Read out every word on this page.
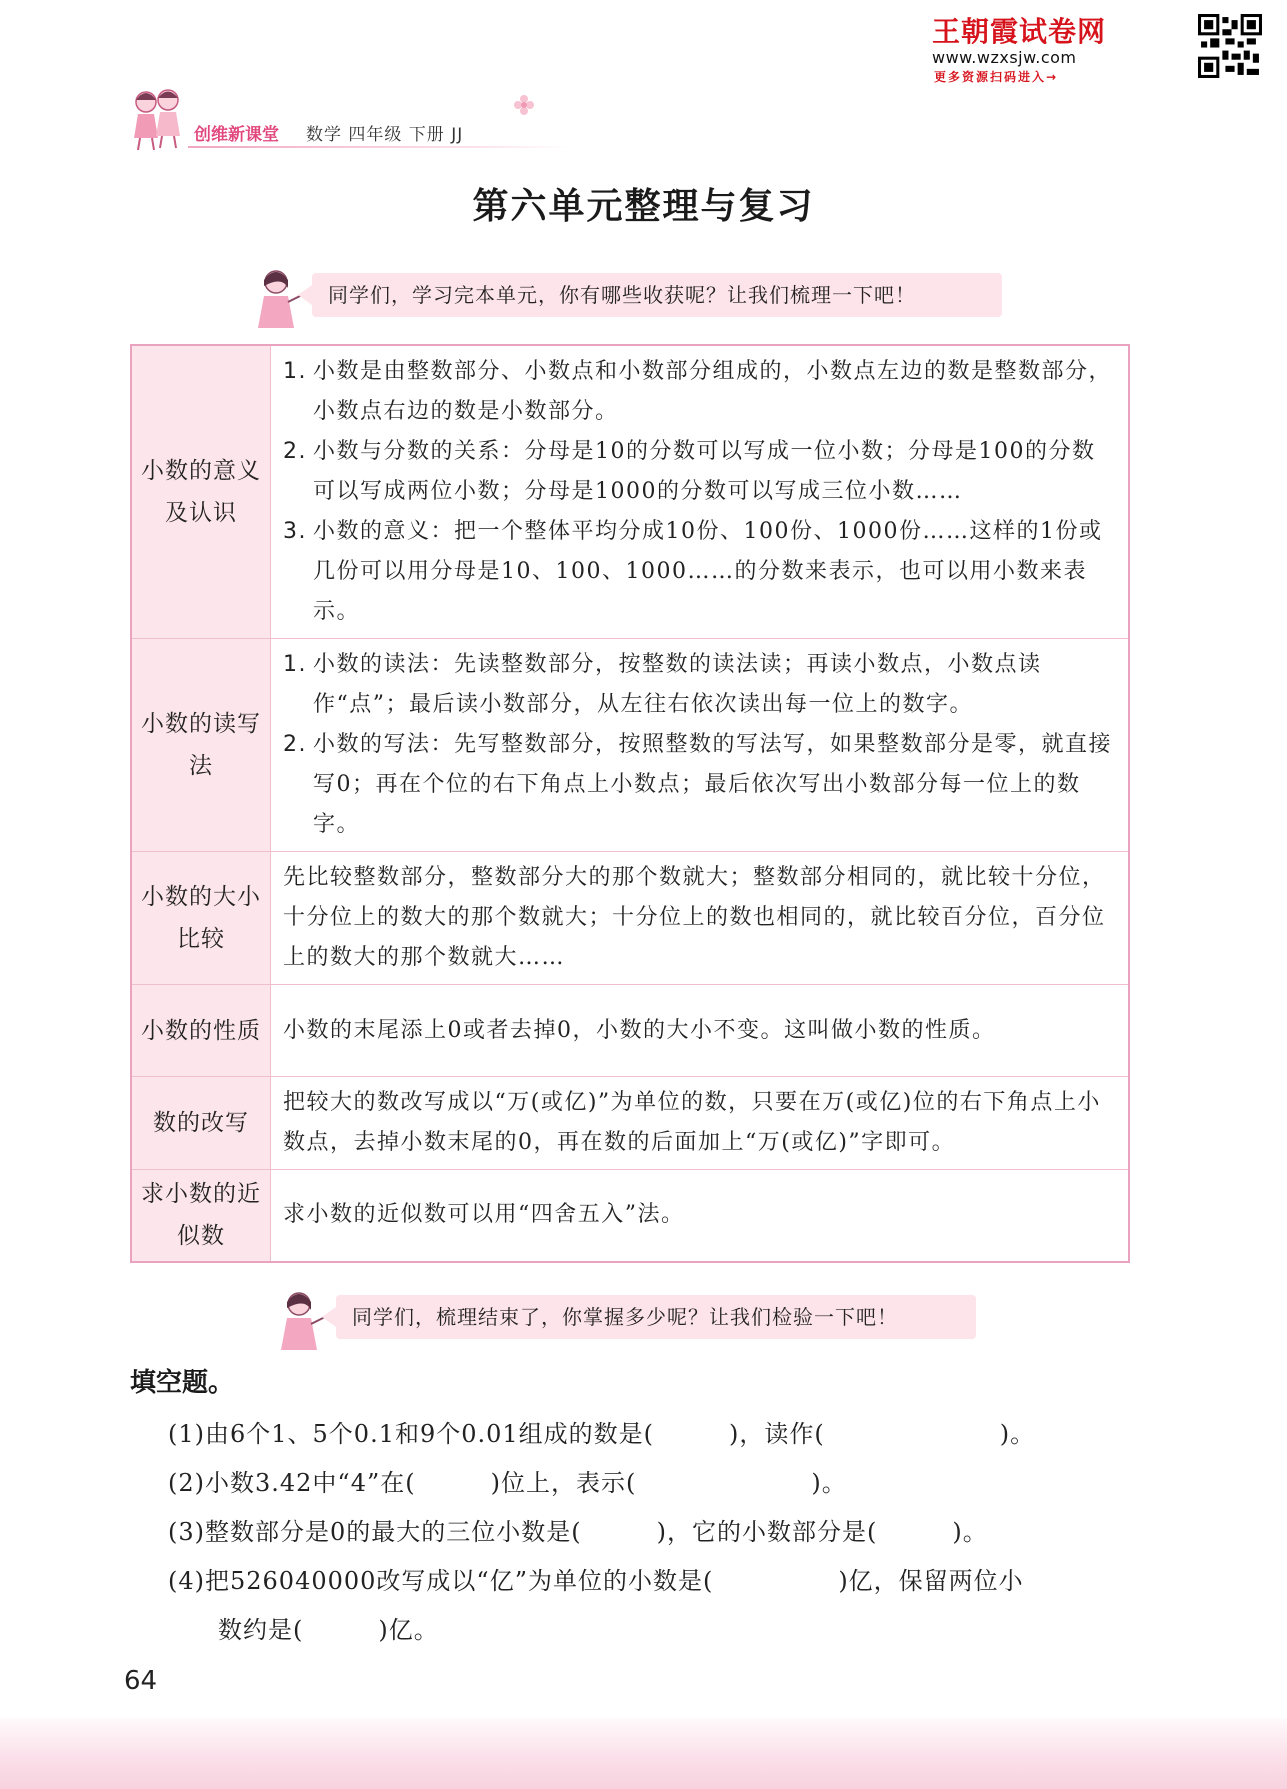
王朝霞试卷网
www.wzxsjw.com
更多资源扫码进入→
创维新课堂 数学 四年级 下册 JJ
第六单元整理与复习
同学们，学习完本单元，你有哪些收获呢？让我们梳理一下吧！
小数的意义及认识	1. 小数是由整数部分、小数点和小数部分组成的，小数点左边的数是整数部分，小数点右边的数是小数部分。
2. 小数与分数的关系：分母是10的分数可以写成一位小数；分母是100的分数可以写成两位小数；分母是1000的分数可以写成三位小数……
3. 小数的意义：把一个整体平均分成10份、100份、1000份……这样的1份或几份可以用分母是10、100、1000……的分数来表示，也可以用小数来表示。

小数的读写法	1. 小数的读法：先读整数部分，按整数的读法读；再读小数点，小数点读作“点”；最后读小数部分，从左往右依次读出每一位上的数字。
2. 小数的写法：先写整数部分，按照整数的写法写，如果整数部分是零，就直接写0；再在个位的右下角点上小数点；最后依次写出小数部分每一位上的数字。

小数的大小比较	先比较整数部分，整数部分大的那个数就大；整数部分相同的，就比较十分位，十分位上的数大的那个数就大；十分位上的数也相同的，就比较百分位，百分位上的数大的那个数就大……
小数的性质	小数的末尾添上0或者去掉0，小数的大小不变。这叫做小数的性质。
数的改写	把较大的数改写成以“万(或亿)”为单位的数，只要在万(或亿)位的右下角点上小数点，去掉小数末尾的0，再在数的后面加上“万(或亿)”字即可。
求小数的近似数	求小数的近似数可以用“四舍五入”法。
同学们，梳理结束了，你掌握多少呢？让我们检验一下吧！
填空题。
(1)由6个1、5个0.1和9个0.01组成的数是(　　　)，读作(　　　　　　　)。
(2)小数3.42中“4”在(　　　)位上，表示(　　　　　　　)。
(3)整数部分是0的最大的三位小数是(　　　)，它的小数部分是(　　　)。
(4)把526040000改写成以“亿”为单位的小数是(　　　　　)亿，保留两位小
数约是(　　　)亿。
64
